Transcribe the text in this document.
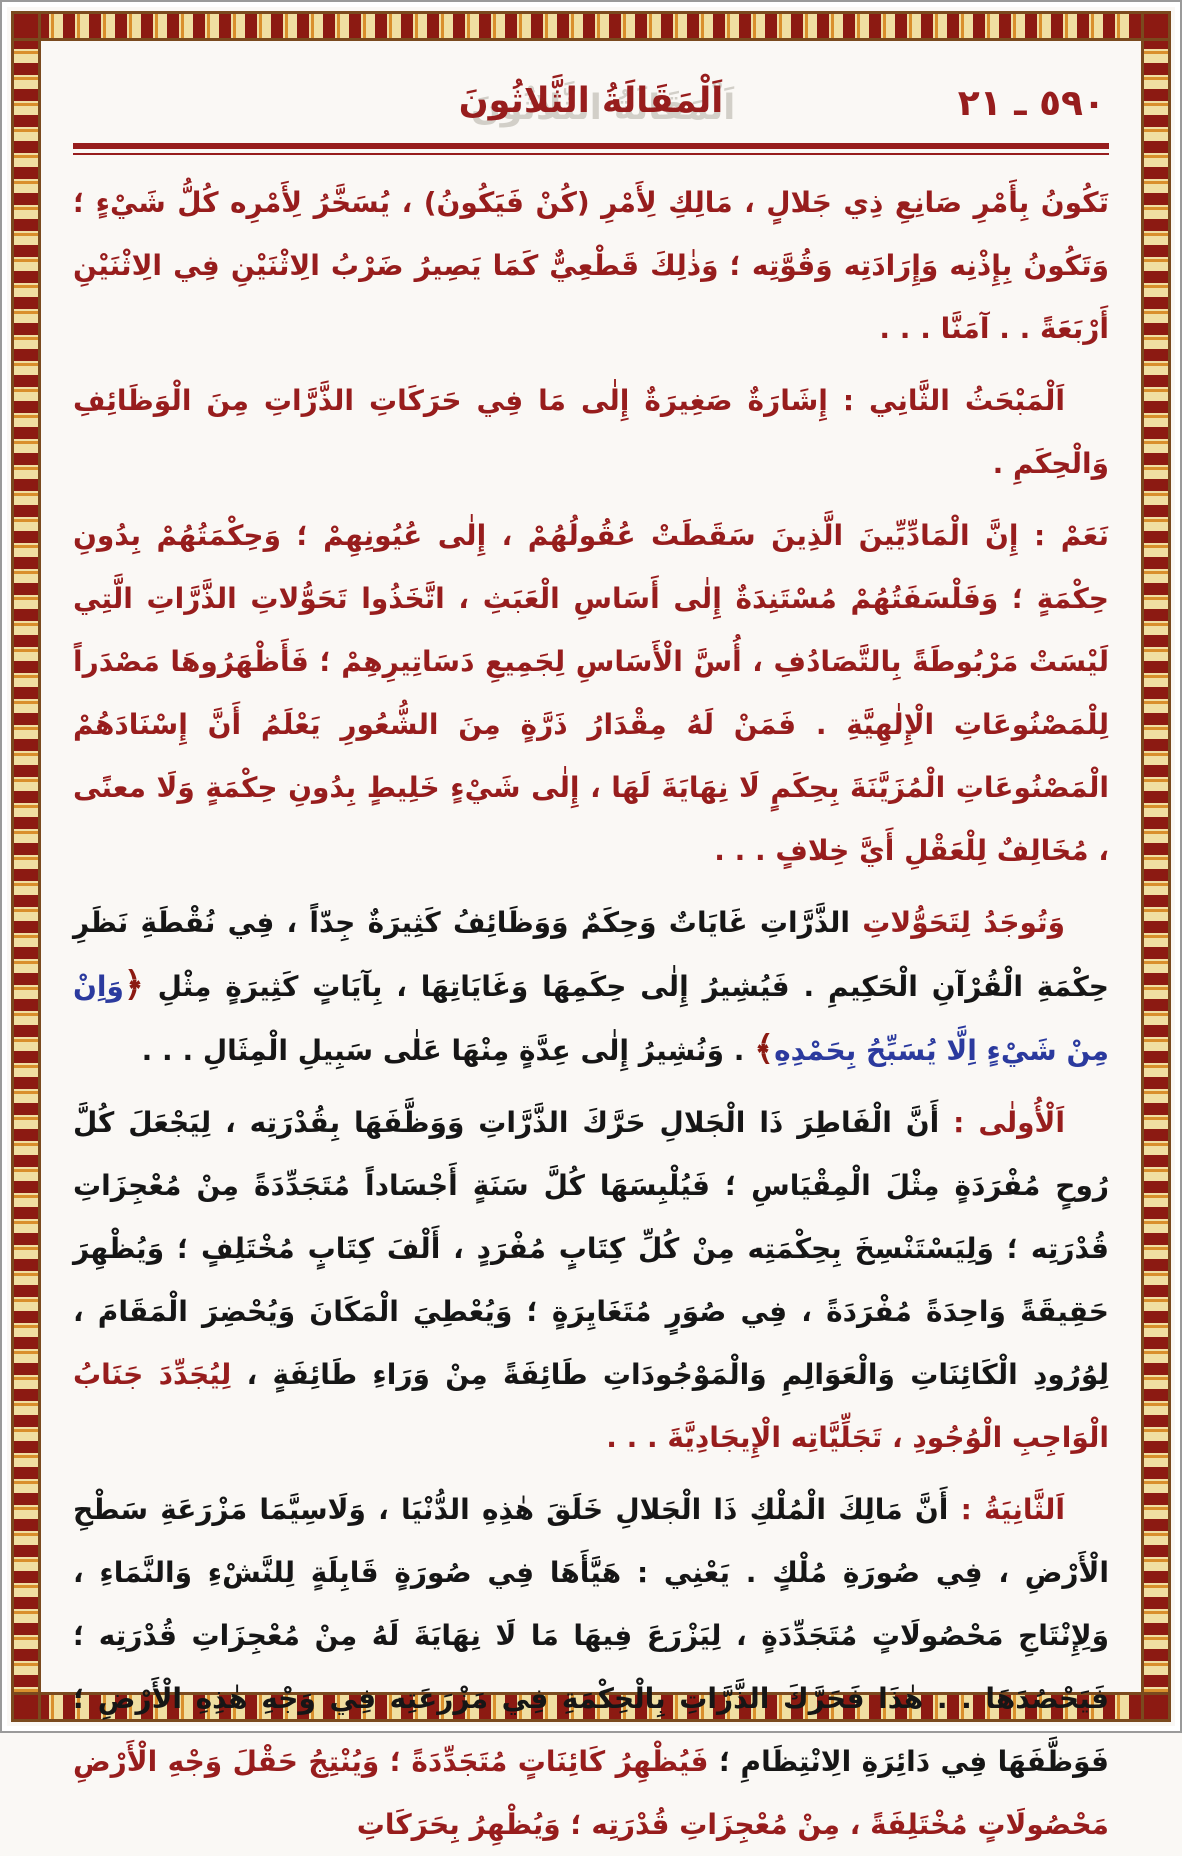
٥٩٠ ـ ٢١
اَلْمَقَالَةُ الثَّلاثُونَ

تَكُونُ بِأَمْرِ صَانِعِ ذِي جَلالٍ ، مَالِكِ لِأَمْرِ (كُنْ فَيَكُونُ) ، يُسَخَّرُ لِأَمْرِه كُلُّ شَيْءٍ ؛ وَتَكُونُ بِإِذْنِه وَإِرَادَتِه وَقُوَّتِه ؛ وَذٰلِكَ قَطْعِيٌّ كَمَا يَصِيرُ ضَرْبُ الِاثْنَيْنِ فِي الِاثْنَيْنِ أَرْبَعَةً . . آمَنَّا . . .

اَلْمَبْحَثُ الثَّانِي : إِشَارَةٌ صَغِيرَةٌ إِلٰى مَا فِي حَرَكَاتِ الذَّرَّاتِ مِنَ الْوَظَائِفِ وَالْحِكَمِ .

نَعَمْ : إِنَّ الْمَادِّيِّينَ الَّذِينَ سَقَطَتْ عُقُولُهُمْ ، إِلٰى عُيُونِهِمْ ؛ وَحِكْمَتُهُمْ بِدُونِ حِكْمَةٍ ؛ وَفَلْسَفَتُهُمْ مُسْتَنِدَةٌ إِلٰى أَسَاسِ الْعَبَثِ ، اتَّخَذُوا تَحَوُّلاتِ الذَّرَّاتِ الَّتِي لَيْسَتْ مَرْبُوطَةً بِالتَّصَادُفِ ، أُسَّ الْأَسَاسِ لِجَمِيعِ دَسَاتِيرِهِمْ ؛ فَأَظْهَرُوهَا مَصْدَراً لِلْمَصْنُوعَاتِ الْإِلٰهِيَّةِ . فَمَنْ لَهُ مِقْدَارُ ذَرَّةٍ مِنَ الشُّعُورِ يَعْلَمُ أَنَّ إِسْنَادَهُمْ الْمَصْنُوعَاتِ الْمُزَيَّنَةَ بِحِكَمٍ لَا نِهَايَةَ لَهَا ، إِلٰى شَيْءٍ خَلِيطٍ بِدُونِ حِكْمَةٍ وَلَا معنًى ، مُخَالِفٌ لِلْعَقْلِ أَيَّ خِلافٍ . . .

وَتُوجَدُ لِتَحَوُّلاتِ الذَّرَّاتِ غَايَاتٌ وَحِكَمٌ وَوَظَائِفُ كَثِيرَةٌ جِدّاً ، فِي نُقْطَةِ نَظَرِ حِكْمَةِ الْقُرْآنِ الْحَكِيمِ . فَيُشِيرُ إِلٰى حِكَمِهَا وَغَايَاتِهَا ، بِآيَاتٍ كَثِيرَةٍ مِثْلِ ﴿وَاِنْ مِنْ شَيْءٍ اِلَّا يُسَبِّحُ بِحَمْدِهِ﴾ . وَنُشِيرُ إِلٰى عِدَّةٍ مِنْهَا عَلٰى سَبِيلِ الْمِثَالِ . . .

اَلْأُولٰى : أَنَّ الْفَاطِرَ ذَا الْجَلالِ حَرَّكَ الذَّرَّاتِ وَوَظَّفَهَا بِقُدْرَتِه ، لِيَجْعَلَ كُلَّ رُوحٍ مُفْرَدَةٍ مِثْلَ الْمِقْيَاسِ ؛ فَيُلْبِسَهَا كُلَّ سَنَةٍ أَجْسَاداً مُتَجَدِّدَةً مِنْ مُعْجِزَاتِ قُدْرَتِه ؛ وَلِيَسْتَنْسِخَ بِحِكْمَتِه مِنْ كُلِّ كِتَابٍ مُفْرَدٍ ، أَلْفَ كِتَابٍ مُخْتَلِفٍ ؛ وَيُظْهِرَ حَقِيقَةً وَاحِدَةً مُفْرَدَةً ، فِي صُوَرٍ مُتَغَايِرَةٍ ؛ وَيُعْطِيَ الْمَكَانَ وَيُحْضِرَ الْمَقَامَ ، لِوُرُودِ الْكَائِنَاتِ وَالْعَوَالِمِ وَالْمَوْجُودَاتِ طَائِفَةً مِنْ وَرَاءِ طَائِفَةٍ ، لِيُجَدِّدَ جَنَابُ الْوَاجِبِ الْوُجُودِ ، تَجَلِّيَّاتِه الْإِيجَادِيَّةَ . . .

اَلثَّانِيَةُ : أَنَّ مَالِكَ الْمُلْكِ ذَا الْجَلالِ خَلَقَ هٰذِهِ الدُّنْيَا ، وَلَاسِيَّمَا مَزْرَعَةِ سَطْحِ الْأَرْضِ ، فِي صُورَةِ مُلْكٍ . يَعْنِي : هَيَّأَهَا فِي صُورَةٍ قَابِلَةٍ لِلنَّشْءِ وَالنَّمَاءِ ، وَلِإِنْتَاجِ مَحْصُولَاتٍ مُتَجَدِّدَةٍ ، لِيَزْرَعَ فِيهَا مَا لَا نِهَايَةَ لَهُ مِنْ مُعْجِزَاتِ قُدْرَتِه ؛ فَيَحْصُدَهَا . . هٰذَا فَحَرَّكَ الذَّرَّاتِ بِالْحِكْمَةِ فِي مَزْرَعَتِه فِي وَجْهِ هٰذِهِ الْأَرْضِ ؛ فَوَظَّفَهَا فِي دَائِرَةِ الِانْتِظَامِ ؛ فَيُظْهِرُ كَائِنَاتٍ مُتَجَدِّدَةً ؛ وَيُنْتِجُ حَقْلَ وَجْهِ الْأَرْضِ مَحْصُولَاتٍ مُخْتَلِفَةً ، مِنْ مُعْجِزَاتِ قُدْرَتِه ؛ وَيُظْهِرُ بِحَرَكَاتِ
